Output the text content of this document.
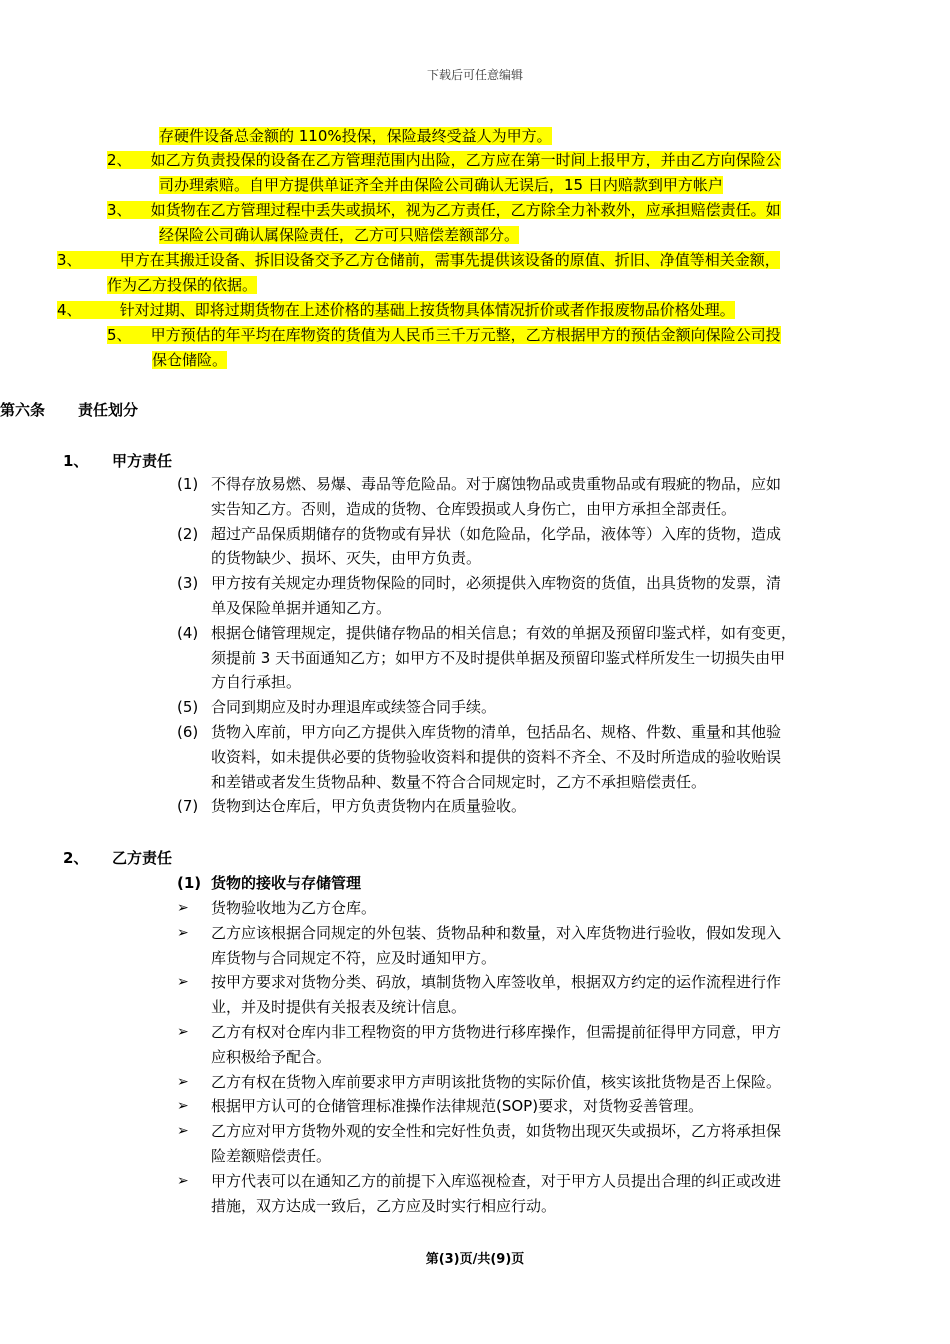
下载后可任意编辑
存硬件设备总金额的 110%投保，保险最终受益人为甲方。
2、 如乙方负责投保的设备在乙方管理范围内出险，乙方应在第一时间上报甲方，并由乙方向保险公
司办理索赔。自甲方提供单证齐全并由保险公司确认无误后，15 日内赔款到甲方帐户
3、 如货物在乙方管理过程中丢失或损坏，视为乙方责任，乙方除全力补救外，应承担赔偿责任。如
经保险公司确认属保险责任，乙方可只赔偿差额部分。
3、	甲方在其搬迁设备、拆旧设备交予乙方仓储前，需事先提供该设备的原值、折旧、净值等相关金额，
作为乙方投保的依据。
4、	针对过期、即将过期货物在上述价格的基础上按货物具体情况折价或者作报废物品价格处理。
5、 甲方预估的年平均在库物资的货值为人民币三千万元整，乙方根据甲方的预估金额向保险公司投
保仓储险。
第六条 责任划分
1、 甲方责任
(1) 不得存放易燃、易爆、毒品等危险品。对于腐蚀物品或贵重物品或有瑕疵的物品，应如
实告知乙方。否则，造成的货物、仓库毁损或人身伤亡，由甲方承担全部责任。
(2) 超过产品保质期储存的货物或有异状（如危险品，化学品，液体等）入库的货物，造成
的货物缺少、损坏、灭失，由甲方负责。
(3) 甲方按有关规定办理货物保险的同时，必须提供入库物资的货值，出具货物的发票，清
单及保险单据并通知乙方。
(4) 根据仓储管理规定，提供储存物品的相关信息；有效的单据及预留印鉴式样，如有变更，
须提前 3 天书面通知乙方；如甲方不及时提供单据及预留印鉴式样所发生一切损失由甲
方自行承担。
(5) 合同到期应及时办理退库或续签合同手续。
(6) 货物入库前，甲方向乙方提供入库货物的清单，包括品名、规格、件数、重量和其他验
收资料，如未提供必要的货物验收资料和提供的资料不齐全、不及时所造成的验收贻误
和差错或者发生货物品种、数量不符合合同规定时，乙方不承担赔偿责任。
(7) 货物到达仓库后，甲方负责货物内在质量验收。
2、 乙方责任
(1) 货物的接收与存储管理
➢ 货物验收地为乙方仓库。
➢ 乙方应该根据合同规定的外包装、货物品种和数量，对入库货物进行验收，假如发现入
库货物与合同规定不符，应及时通知甲方。
➢ 按甲方要求对货物分类、码放，填制货物入库签收单，根据双方约定的运作流程进行作
业，并及时提供有关报表及统计信息。
➢ 乙方有权对仓库内非工程物资的甲方货物进行移库操作，但需提前征得甲方同意，甲方
应积极给予配合。
➢ 乙方有权在货物入库前要求甲方声明该批货物的实际价值，核实该批货物是否上保险。
➢ 根据甲方认可的仓储管理标准操作法律规范(SOP)要求，对货物妥善管理。
➢ 乙方应对甲方货物外观的安全性和完好性负责，如货物出现灭失或损坏，乙方将承担保
险差额赔偿责任。
➢ 甲方代表可以在通知乙方的前提下入库巡视检查，对于甲方人员提出合理的纠正或改进
措施，双方达成一致后，乙方应及时实行相应行动。
第(3)页/共(9)页
